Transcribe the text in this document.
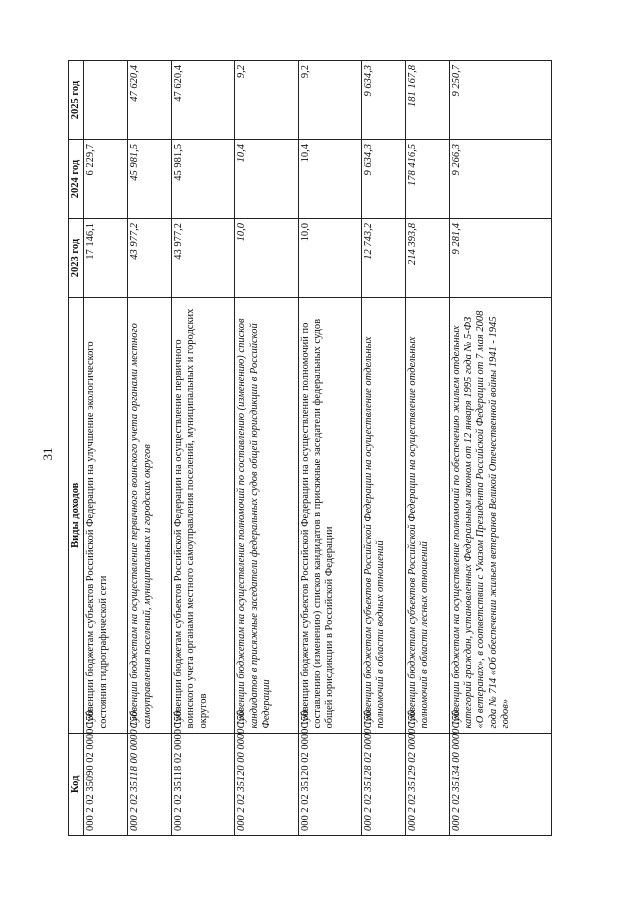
31
Код	Виды доходов	2023 год	2024 год	2025 год
000 2 02 35090 02 0000 150	Субвенции бюджетам субъектов Российской Федерации на улучшение экологического состояния гидрографической сети	17 146,1	6 229,7	
000 2 02 35118 00 0000 150	Субвенции бюджетам на осуществление первичного воинского учета органами местного самоуправления поселений, муниципальных и городских округов	43 977,2	45 981,5	47 620,4
000 2 02 35118 02 0000 150	Субвенции бюджетам субъектов Российской Федерации на осуществление первичного воинского учета органами местного самоуправления поселений, муниципальных и городских округов	43 977,2	45 981,5	47 620,4
000 2 02 35120 00 0000 150	Субвенции бюджетам на осуществление полномочий по составлению (изменению) списков кандидатов в присяжные заседатели федеральных судов общей юрисдикции в Российской Федерации	10,0	10,4	9,2
000 2 02 35120 02 0000 150	Субвенции бюджетам субъектов Российской Федерации на осуществление полномочий по составлению (изменению) списков кандидатов в присяжные заседатели федеральных судов общей юрисдикции в Российской Федерации	10,0	10,4	9,2
000 2 02 35128 02 0000 150	Субвенции бюджетам субъектов Российской Федерации на осуществление отдельных полномочий в области водных отношений	12 743,2	9 634,3	9 634,3
000 2 02 35129 02 0000 150	Субвенции бюджетам субъектов Российской Федерации на осуществление отдельных полномочий в области лесных отношений	214 393,8	178 416,5	181 167,8
000 2 02 35134 00 0000 150	Субвенции бюджетам на осуществление полномочий по обеспечению жильем отдельных категорий граждан, установленных Федеральным законом от 12 января 1995 года № 5-ФЗ «О ветеранах», в соответствии с Указом Президента Российской Федерации от 7 мая 2008 года № 714 «Об обеспечении жильем ветеранов Великой Отечественной войны 1941 - 1945 годов»	9 281,4	9 266,3	9 250,7
